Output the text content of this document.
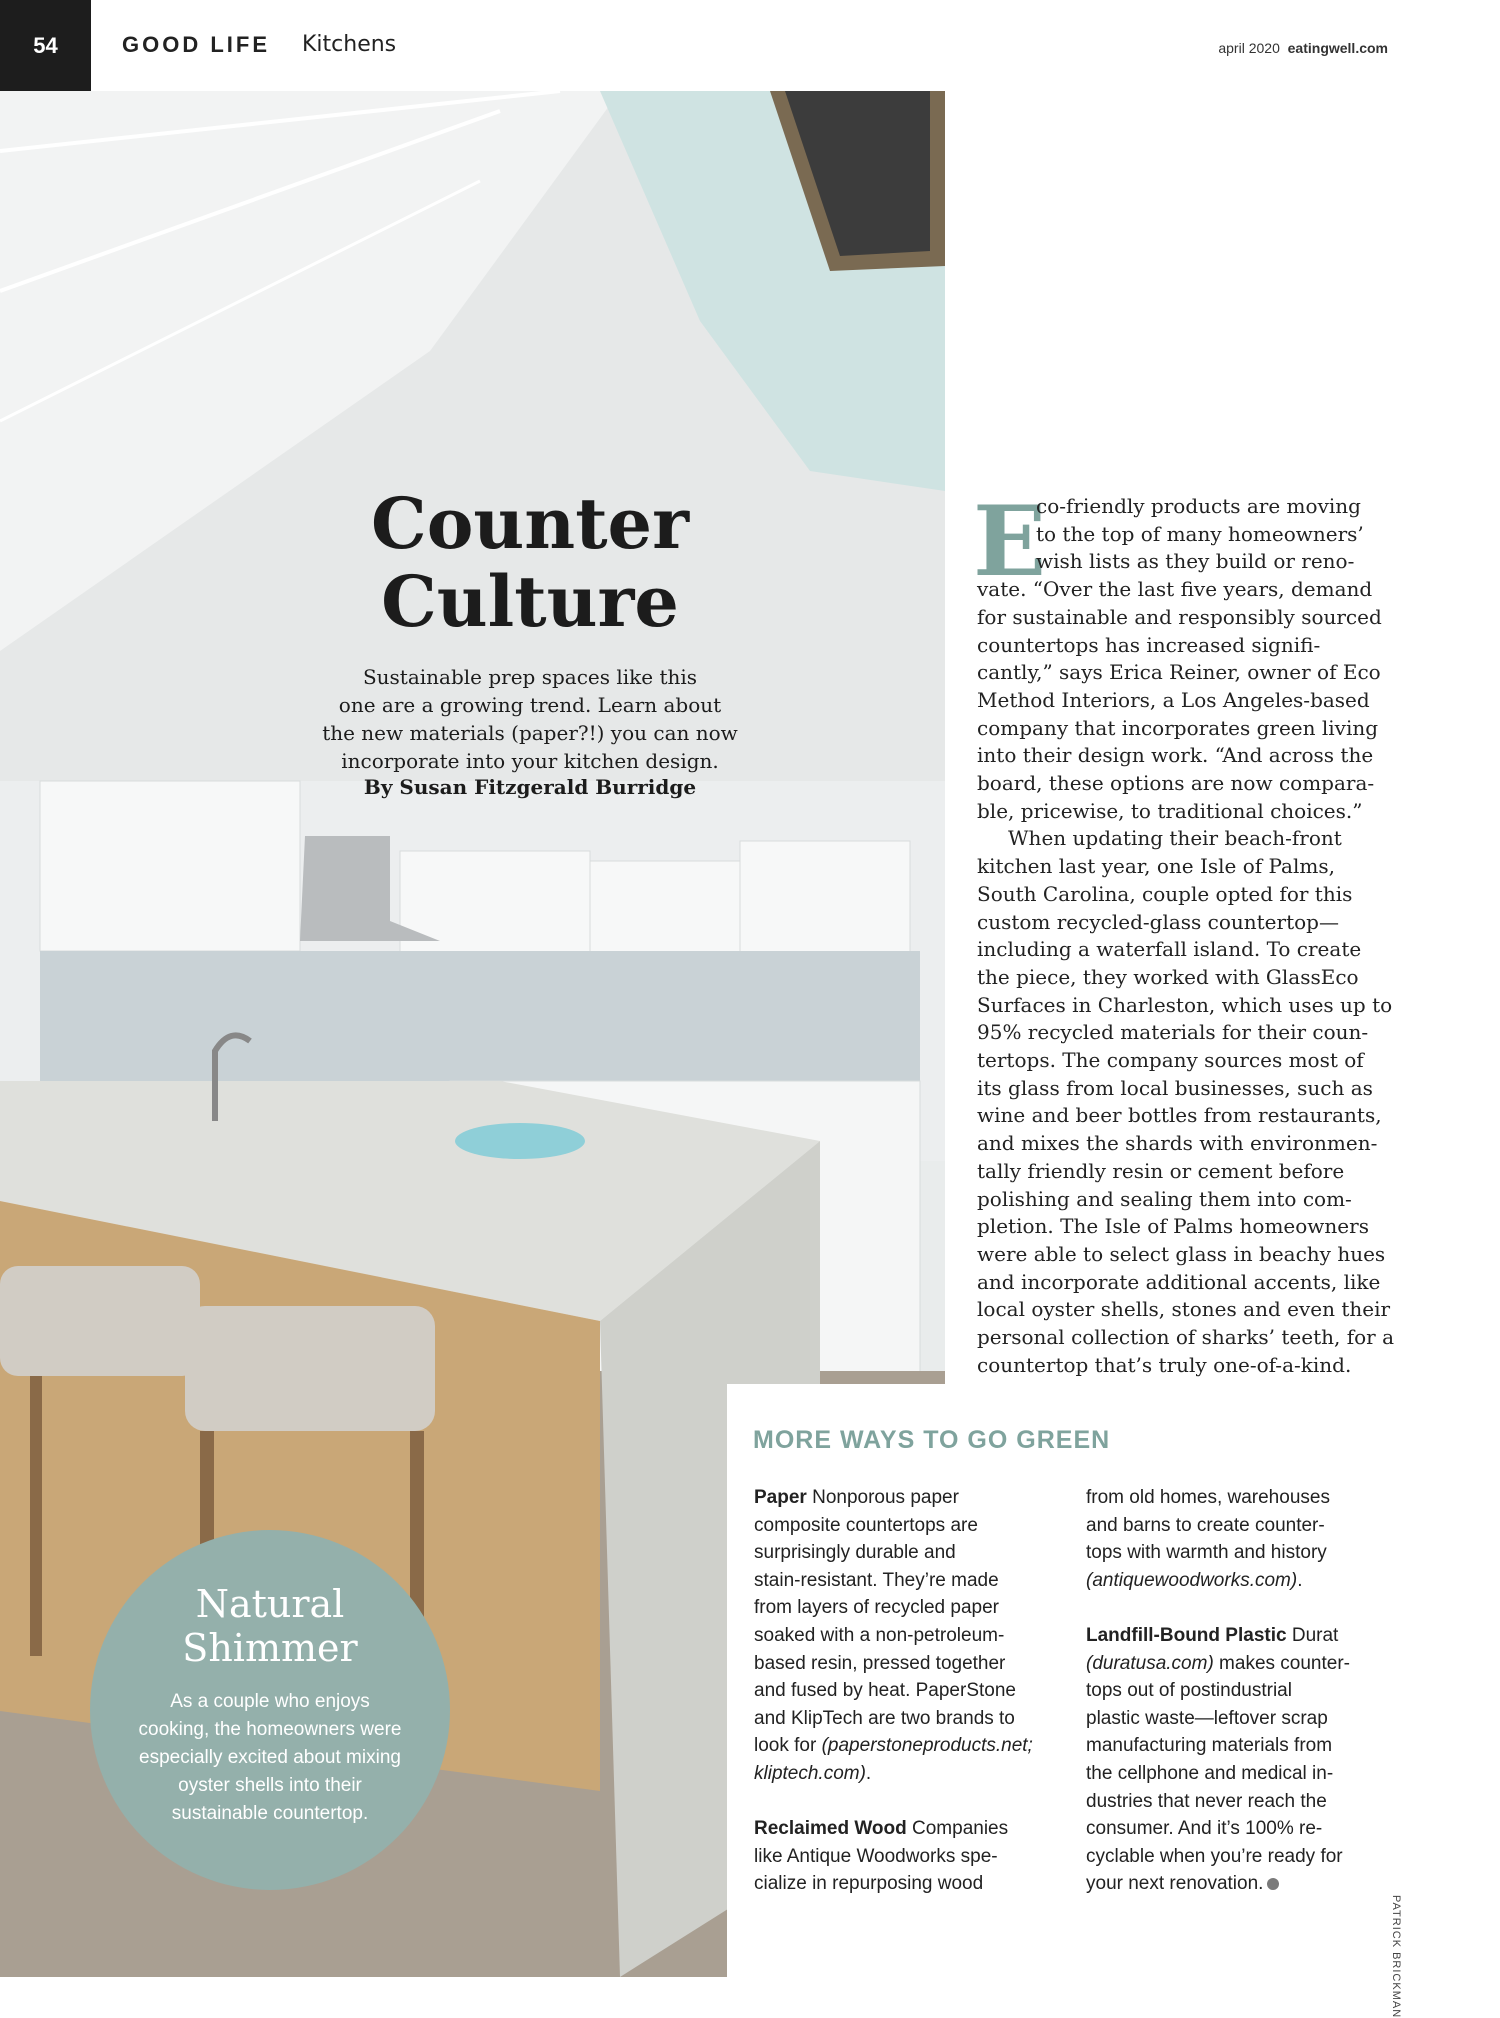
54	GOOD LIFE Kitchens	april 2020 eatingwell.com
Counter
Culture
Sustainable prep spaces like this
one are a growing trend. Learn about
the new materials (paper?!) you can now
incorporate into your kitchen design.
By Susan Fitzgerald Burridge
Natural
Shimmer
As a couple who enjoys
cooking, the homeowners were
especially excited about mixing
oyster shells into their
sustainable countertop.
E
co-friendly products are moving
to the top of many homeowners’
wish lists as they build or reno-
vate. “Over the last five years, demand
for sustainable and responsibly sourced
countertops has increased signifi-
cantly,” says Erica Reiner, owner of Eco
Method Interiors, a Los Angeles-based
company that incorporates green living
into their design work. “And across the
board, these options are now compara-
ble, pricewise, to traditional choices.”
When updating their beach-front
kitchen last year, one Isle of Palms,
South Carolina, couple opted for this
custom recycled-glass countertop—
including a waterfall island. To create
the piece, they worked with GlassEco
Surfaces in Charleston, which uses up to
95% recycled materials for their coun-
tertops. The company sources most of
its glass from local businesses, such as
wine and beer bottles from restaurants,
and mixes the shards with environmen-
tally friendly resin or cement before
polishing and sealing them into com-
pletion. The Isle of Palms homeowners
were able to select glass in beachy hues
and incorporate additional accents, like
local oyster shells, stones and even their
personal collection of sharks’ teeth, for a
countertop that’s truly one-of-a-kind.
MORE WAYS TO GO GREEN
Paper Nonporous paper
composite countertops are
surprisingly durable and
stain-resistant. They’re made
from layers of recycled paper
soaked with a non-petroleum-
based resin, pressed together
and fused by heat. PaperStone
and KlipTech are two brands to
look for (paperstoneproducts.net;
kliptech.com).
Reclaimed Wood Companies
like Antique Woodworks spe-
cialize in repurposing wood
from old homes, warehouses
and barns to create counter-
tops with warmth and history
(antiquewoodworks.com).
Landfill-Bound Plastic Durat
(duratusa.com) makes counter-
tops out of postindustrial
plastic waste—leftover scrap
manufacturing materials from
the cellphone and medical in-
dustries that never reach the
consumer. And it’s 100% re-
cyclable when you’re ready for
your next renovation.
PATRICK BRICKMAN
